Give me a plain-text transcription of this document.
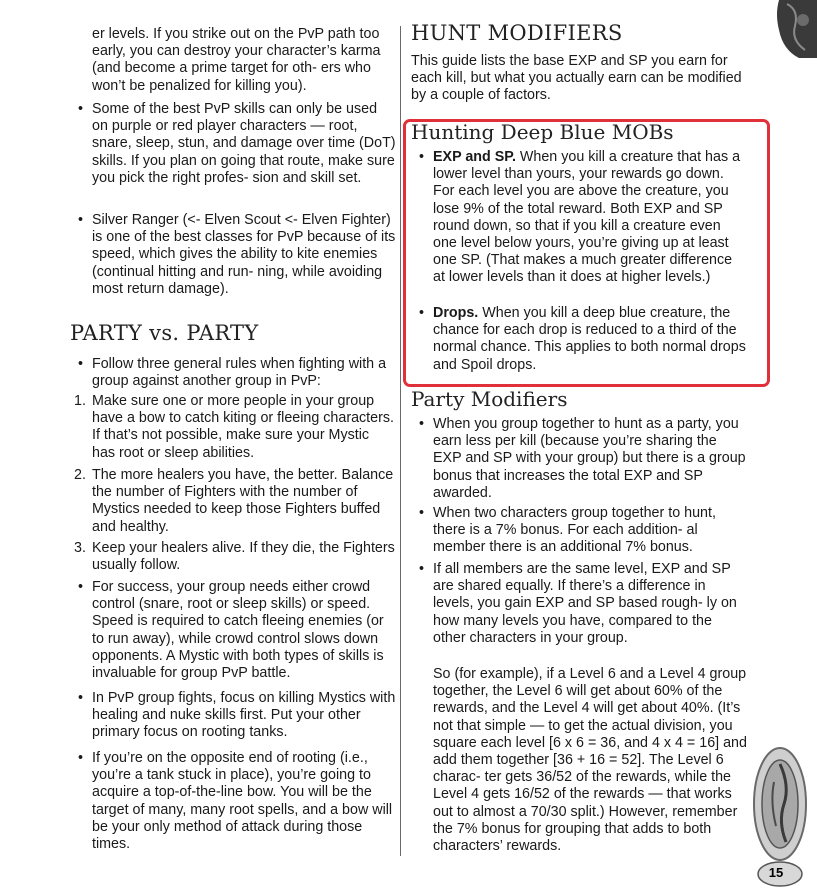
er levels. If you strike out on the PvP path too early, you can destroy your character’s karma (and become a prime target for oth- ers who won’t be penalized for killing you).

• Some of the best PvP skills can only be used on purple or red player characters — root, snare, sleep, stun, and damage over time (DoT) skills. If you plan on going that route, make sure you pick the right profes- sion and skill set.

• Silver Ranger (<- Elven Scout <- Elven Fighter) is one of the best classes for PvP because of its speed, which gives the ability to kite enemies (continual hitting and run- ning, while avoiding most return damage).

PARTY vs. PARTY
• Follow three general rules when fighting with a group against another group in PvP:

1. Make sure one or more people in your group have a bow to catch kiting or fleeing characters. If that’s not possible, make sure your Mystic has root or sleep abilities.

2. The more healers you have, the better. Balance the number of Fighters with the number of Mystics needed to keep those Fighters buffed and healthy.

3. Keep your healers alive. If they die, the Fighters usually follow.

• For success, your group needs either crowd control (snare, root or sleep skills) or speed. Speed is required to catch fleeing enemies (or to run away), while crowd control slows down opponents. A Mystic with both types of skills is invaluable for group PvP battle.

• In PvP group fights, focus on killing Mystics with healing and nuke skills first. Put your other primary focus on rooting tanks.

• If you’re on the opposite end of rooting (i.e., you’re a tank stuck in place), you’re going to acquire a top-of-the-line bow. You will be the target of many, many root spells, and a bow will be your only method of attack during those times.

HUNT MODIFIERS

This guide lists the base EXP and SP you earn for each kill, but what you actually earn can be modified by a couple of factors.

Hunting Deep Blue MOBs
• EXP and SP. When you kill a creature that has a lower level than yours, your rewards go down. For each level you are above the creature, you lose 9% of the total reward. Both EXP and SP round down, so that if you kill a creature even one level below yours, you’re giving up at least one SP. (That makes a much greater difference at lower levels than it does at higher levels.)

• Drops. When you kill a deep blue creature, the chance for each drop is reduced to a third of the normal chance. This applies to both normal drops and Spoil drops.

Party Modifiers
• When you group together to hunt as a party, you earn less per kill (because you’re sharing the EXP and SP with your group) but there is a group bonus that increases the total EXP and SP awarded.

• When two characters group together to hunt, there is a 7% bonus. For each addition- al member there is an additional 7% bonus.

• If all members are the same level, EXP and SP are shared equally. If there’s a difference in levels, you gain EXP and SP based rough- ly on how many levels you have, compared to the other characters in your group.

So (for example), if a Level 6 and a Level 4 group together, the Level 6 will get about 60% of the rewards, and the Level 4 will get about 40%. (It’s not that simple — to get the actual division, you square each level [6 x 6 = 36, and 4 x 4 = 16] and add them together [36 + 16 = 52]. The Level 6 charac- ter gets 36/52 of the rewards, while the Level 4 gets 16/52 of the rewards — that works out to almost a 70/30 split.) However, remember the 7% bonus for grouping that adds to both characters’ rewards.

15
